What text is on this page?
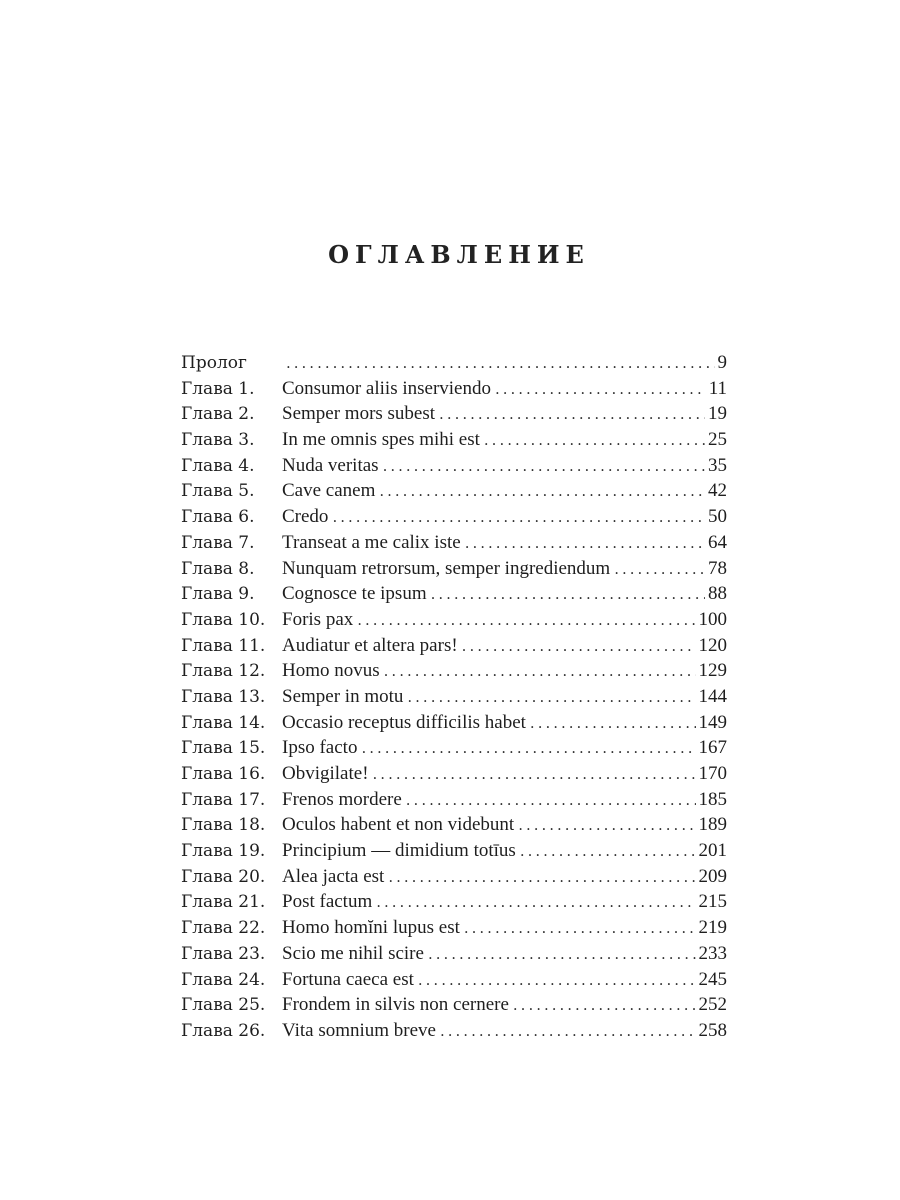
ОГЛАВЛЕНИЕ
Пролог .....	9
Глава 1.	Consumor aliis inserviendo .....	11
Глава 2.	Semper mors subest .....	19
Глава 3.	In me omnis spes mihi est .....	25
Глава 4.	Nuda veritas .....	35
Глава 5.	Cave canem .....	42
Глава 6.	Credo .....	50
Глава 7.	Transeat a me calix iste .....	64
Глава 8.	Nunquam retrorsum, semper ingrediendum .....	78
Глава 9.	Cognosce te ipsum .....	88
Глава 10. Foris pax .....	100
Глава 11. Audiatur et altera pars! .....	120
Глава 12. Homo novus .....	129
Глава 13. Semper in motu .....	144
Глава 14. Occasio receptus difficilis habet .....	149
Глава 15. Ipso facto .....	167
Глава 16. Obvigilate! .....	170
Глава 17. Frenos mordere .....	185
Глава 18. Oculos habent et non videbunt .....	189
Глава 19. Principium — dimidium totīus .....	201
Глава 20. Alea jacta est .....	209
Глава 21. Post factum .....	215
Глава 22. Homo homĭni lupus est .....	219
Глава 23. Scio me nihil scire .....	233
Глава 24. Fortuna caeca est .....	245
Глава 25. Frondem in silvis non cernere .....	252
Глава 26. Vita somnium breve .....	258
